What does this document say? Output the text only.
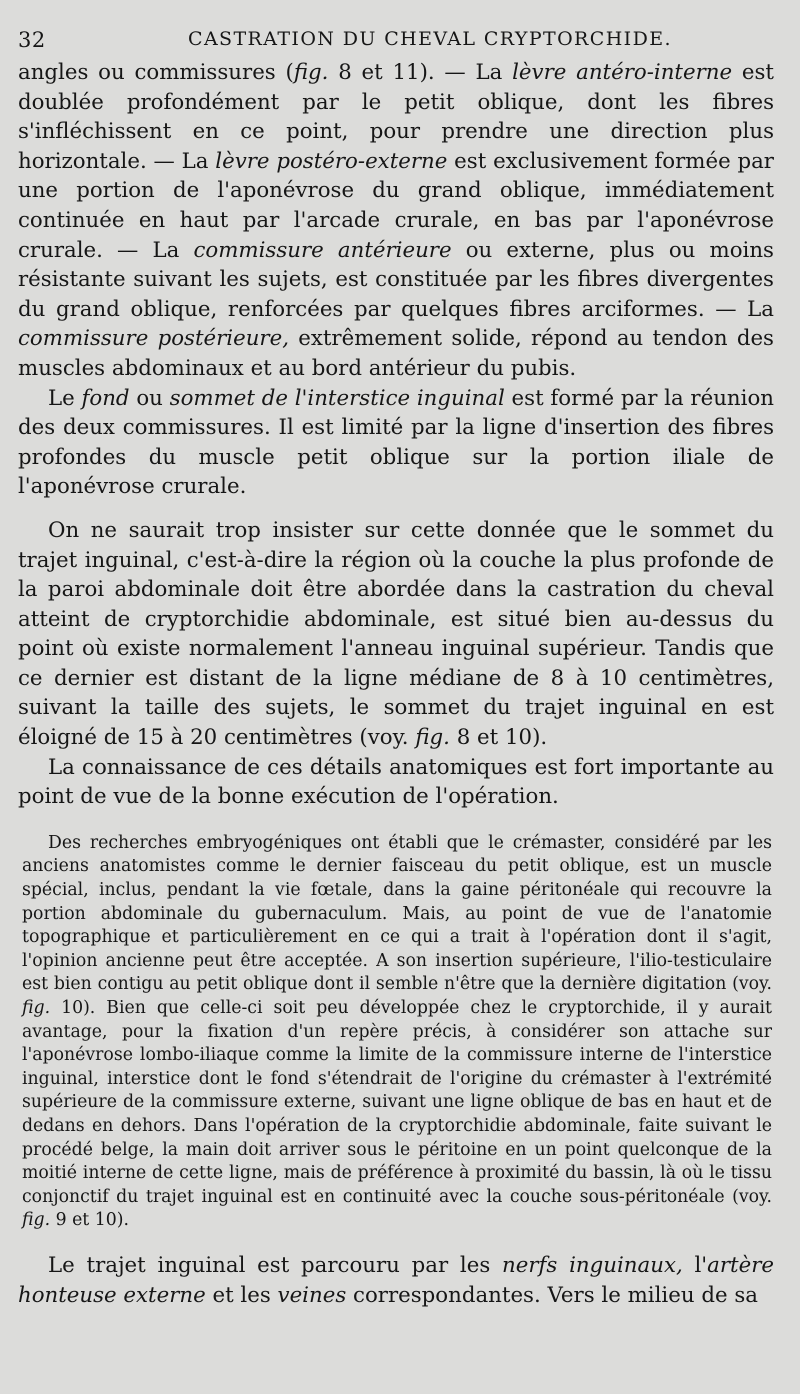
32	CASTRATION DU CHEVAL CRYPTORCHIDE.

angles ou commissures (fig. 8 et 11). — La lèvre antéro-interne est doublée profondément par le petit oblique, dont les fibres s'infléchissent en ce point, pour prendre une direction plus horizontale. — La lèvre postéro-externe est exclusivement formée par une portion de l'aponévrose du grand oblique, immédiatement continuée en haut par l'arcade crurale, en bas par l'aponévrose crurale. — La commissure antérieure ou externe, plus ou moins résistante suivant les sujets, est constituée par les fibres divergentes du grand oblique, renforcées par quelques fibres arciformes. — La commissure postérieure, extrêmement solide, répond au tendon des muscles abdominaux et au bord antérieur du pubis.

Le fond ou sommet de l'interstice inguinal est formé par la réunion des deux commissures. Il est limité par la ligne d'insertion des fibres profondes du muscle petit oblique sur la portion iliale de l'aponévrose crurale.

On ne saurait trop insister sur cette donnée que le sommet du trajet inguinal, c'est-à-dire la région où la couche la plus profonde de la paroi abdominale doit être abordée dans la castration du cheval atteint de cryptorchidie abdominale, est situé bien au-dessus du point où existe normalement l'anneau inguinal supérieur. Tandis que ce dernier est distant de la ligne médiane de 8 à 10 centimètres, suivant la taille des sujets, le sommet du trajet inguinal en est éloigné de 15 à 20 centimètres (voy. fig. 8 et 10).

La connaissance de ces détails anatomiques est fort importante au point de vue de la bonne exécution de l'opération.

Des recherches embryogéniques ont établi que le crémaster, considéré par les anciens anatomistes comme le dernier faisceau du petit oblique, est un muscle spécial, inclus, pendant la vie fœtale, dans la gaine péritonéale qui recouvre la portion abdominale du gubernaculum. Mais, au point de vue de l'anatomie topographique et particulièrement en ce qui a trait à l'opération dont il s'agit, l'opinion ancienne peut être acceptée. A son insertion supérieure, l'ilio-testiculaire est bien contigu au petit oblique dont il semble n'être que la dernière digitation (voy. fig. 10). Bien que celle-ci soit peu développée chez le cryptorchide, il y aurait avantage, pour la fixation d'un repère précis, à considérer son attache sur l'aponévrose lombo-iliaque comme la limite de la commissure interne de l'interstice inguinal, interstice dont le fond s'étendrait de l'origine du crémaster à l'extrémité supérieure de la commissure externe, suivant une ligne oblique de bas en haut et de dedans en dehors. Dans l'opération de la cryptorchidie abdominale, faite suivant le procédé belge, la main doit arriver sous le péritoine en un point quelconque de la moitié interne de cette ligne, mais de préférence à proximité du bassin, là où le tissu conjonctif du trajet inguinal est en continuité avec la couche sous-péritonéale (voy. fig. 9 et 10).

Le trajet inguinal est parcouru par les nerfs inguinaux, l'artère honteuse externe et les veines correspondantes. Vers le milieu de sa
